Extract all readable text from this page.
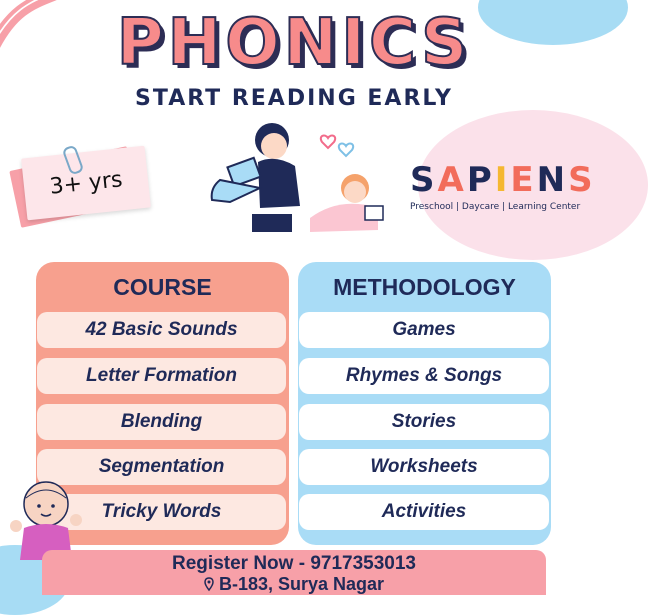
PHONICS
START READING EARLY
3+ yrs	S A P I E N S
Preschool | Daycare | Learning Center
COURSE
42 Basic Sounds
Letter Formation
Blending
Segmentation
Tricky Words
METHODOLOGY
Games
Rhymes & Songs
Stories
Worksheets
Activities
Register Now - 9717353013
B-183, Surya Nagar
